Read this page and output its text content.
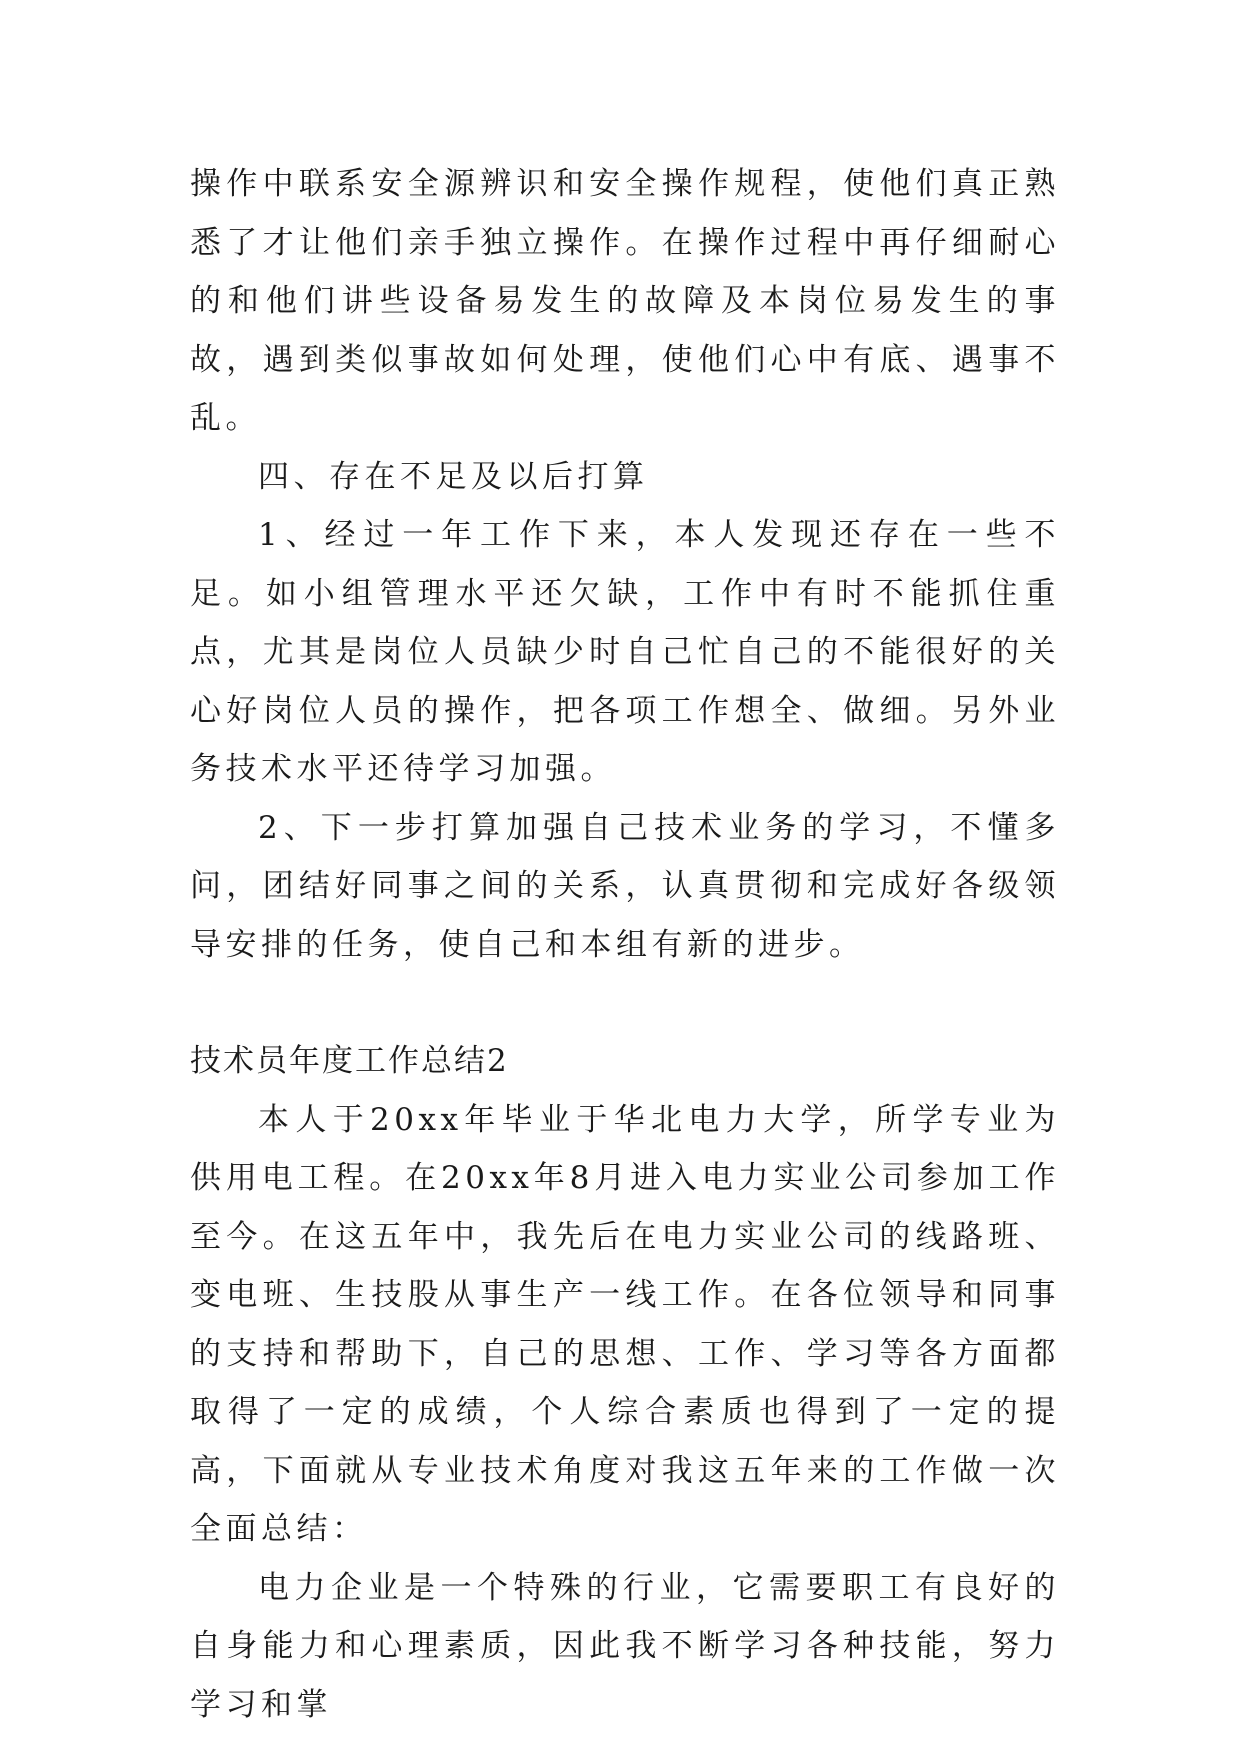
操作中联系安全源辨识和安全操作规程，使他们真正熟悉了才让他们亲手独立操作。在操作过程中再仔细耐心的和他们讲些设备易发生的故障及本岗位易发生的事故，遇到类似事故如何处理，使他们心中有底、遇事不乱。

四、存在不足及以后打算

1、经过一年工作下来，本人发现还存在一些不足。如小组管理水平还欠缺，工作中有时不能抓住重点，尤其是岗位人员缺少时自己忙自己的不能很好的关心好岗位人员的操作，把各项工作想全、做细。另外业务技术水平还待学习加强。

2、下一步打算加强自己技术业务的学习，不懂多问，团结好同事之间的关系，认真贯彻和完成好各级领导安排的任务，使自己和本组有新的进步。

技术员年度工作总结2

本人于20xx年毕业于华北电力大学，所学专业为供用电工程。在20xx年8月进入电力实业公司参加工作至今。在这五年中，我先后在电力实业公司的线路班、变电班、生技股从事生产一线工作。在各位领导和同事的支持和帮助下，自己的思想、工作、学习等各方面都取得了一定的成绩，个人综合素质也得到了一定的提高，下面就从专业技术角度对我这五年来的工作做一次全面总结：

电力企业是一个特殊的行业，它需要职工有良好的自身能力和心理素质，因此我不断学习各种技能，努力学习和掌
